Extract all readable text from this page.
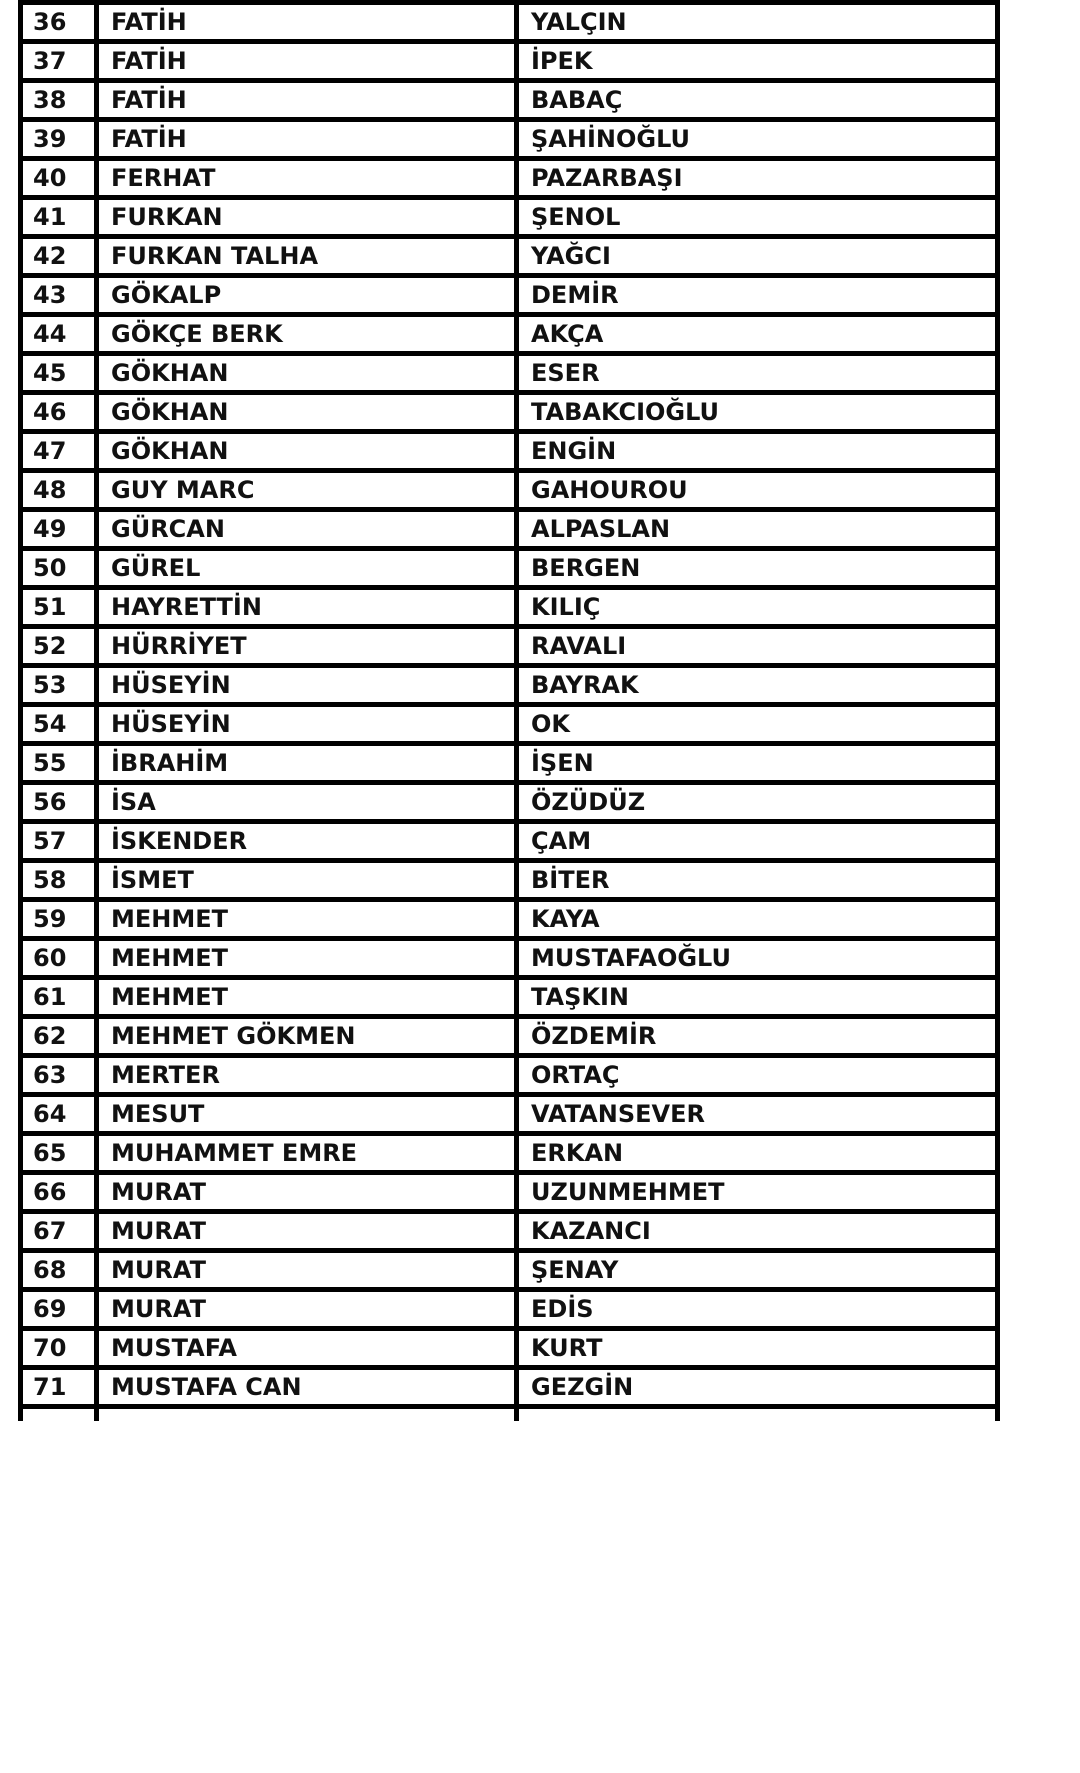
36	FATİH	YALÇIN
37	FATİH	İPEK
38	FATİH	BABAÇ
39	FATİH	ŞAHİNOĞLU
40	FERHAT	PAZARBAŞI
41	FURKAN	ŞENOL
42	FURKAN TALHA	YAĞCI
43	GÖKALP	DEMİR
44	GÖKÇE BERK	AKÇA
45	GÖKHAN	ESER
46	GÖKHAN	TABAKCIOĞLU
47	GÖKHAN	ENGİN
48	GUY MARC	GAHOUROU
49	GÜRCAN	ALPASLAN
50	GÜREL	BERGEN
51	HAYRETTİN	KILIÇ
52	HÜRRİYET	RAVALI
53	HÜSEYİN	BAYRAK
54	HÜSEYİN	OK
55	İBRAHİM	İŞEN
56	İSA	ÖZÜDÜZ
57	İSKENDER	ÇAM
58	İSMET	BİTER
59	MEHMET	KAYA
60	MEHMET	MUSTAFAOĞLU
61	MEHMET	TAŞKIN
62	MEHMET GÖKMEN	ÖZDEMİR
63	MERTER	ORTAÇ
64	MESUT	VATANSEVER
65	MUHAMMET EMRE	ERKAN
66	MURAT	UZUNMEHMET
67	MURAT	KAZANCI
68	MURAT	ŞENAY
69	MURAT	EDİS
70	MUSTAFA	KURT
71	MUSTAFA CAN	GEZGİN
